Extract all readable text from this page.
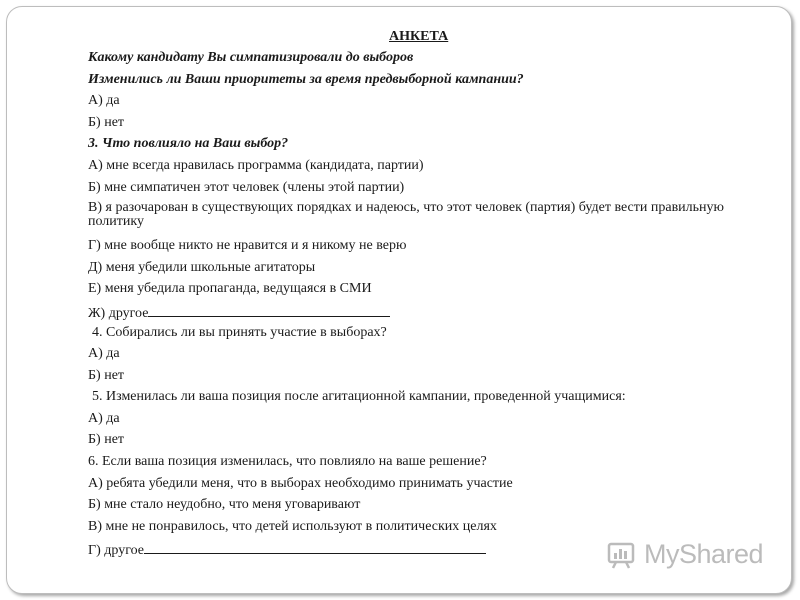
АНКЕТА
Какому кандидату Вы симпатизировали до выборов
Изменились ли Ваши приоритеты за время предвыборной кампании?
А) да
Б) нет
3. Что повлияло на Ваш выбор?
А) мне всегда нравилась программа (кандидата, партии)
Б) мне симпатичен этот человек (члены этой партии)
В) я разочарован в существующих порядках и надеюсь, что этот человек (партия) будет вести правильную политику
Г) мне вообще никто не нравится и я никому не верю
Д) меня убедили школьные агитаторы
Е) меня убедила пропаганда, ведущаяся в СМИ
Ж) другое
4. Собирались ли вы принять участие в выборах?
А) да
Б) нет
5. Изменилась ли ваша позиция после агитационной кампании, проведенной учащимися:
А) да
Б) нет
6. Если ваша позиция изменилась, что повлияло на ваше решение?
А) ребята убедили меня, что в выборах необходимо принимать участие
Б) мне стало неудобно, что меня уговаривают
В) мне не понравилось, что детей используют в политических целях
Г) другое	MyShared
